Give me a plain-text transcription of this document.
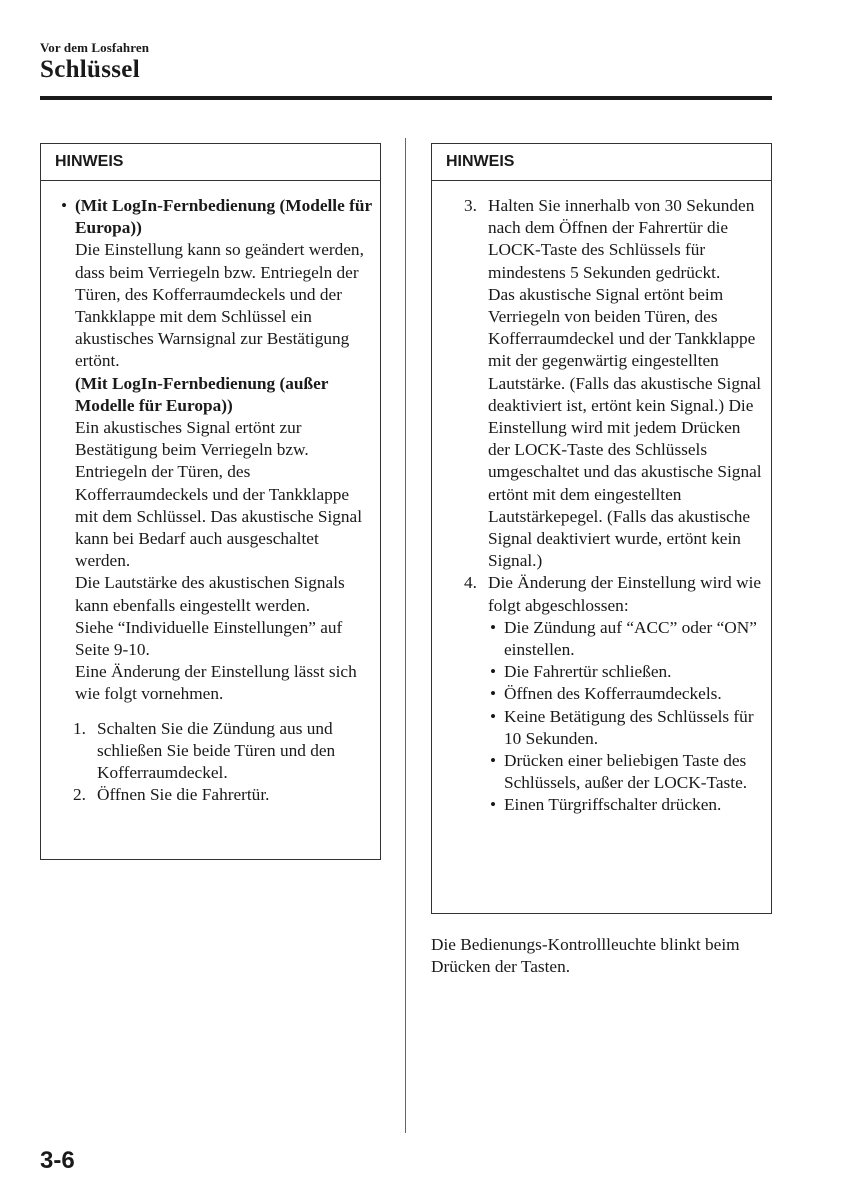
Vor dem Losfahren
Schlüssel
HINWEIS
• (Mit LogIn-Fernbedienung (Modelle für Europa))
Die Einstellung kann so geändert werden, dass beim Verriegeln bzw. Entriegeln der Türen, des Kofferraumdeckels und der Tankklappe mit dem Schlüssel ein akustisches Warnsignal zur Bestätigung ertönt.
(Mit LogIn-Fernbedienung (außer Modelle für Europa))
Ein akustisches Signal ertönt zur Bestätigung beim Verriegeln bzw. Entriegeln der Türen, des Kofferraumdeckels und der Tankklappe mit dem Schlüssel. Das akustische Signal kann bei Bedarf auch ausgeschaltet werden.
Die Lautstärke des akustischen Signals kann ebenfalls eingestellt werden.
Siehe “Individuelle Einstellungen” auf Seite 9-10.
Eine Änderung der Einstellung lässt sich wie folgt vornehmen.
1. Schalten Sie die Zündung aus und schließen Sie beide Türen und den Kofferraumdeckel.
2. Öffnen Sie die Fahrertür.
HINWEIS
3. Halten Sie innerhalb von 30 Sekunden nach dem Öffnen der Fahrertür die LOCK-Taste des Schlüssels für mindestens 5 Sekunden gedrückt.
Das akustische Signal ertönt beim Verriegeln von beiden Türen, des Kofferraumdeckel und der Tankklappe mit der gegenwärtig eingestellten Lautstärke. (Falls das akustische Signal deaktiviert ist, ertönt kein Signal.) Die Einstellung wird mit jedem Drücken der LOCK-Taste des Schlüssels umgeschaltet und das akustische Signal ertönt mit dem eingestellten Lautstärkepegel. (Falls das akustische Signal deaktiviert wurde, ertönt kein Signal.)
4. Die Änderung der Einstellung wird wie folgt abgeschlossen:
• Die Zündung auf “ACC” oder “ON” einstellen.
• Die Fahrertür schließen.
• Öffnen des Kofferraumdeckels.
• Keine Betätigung des Schlüssels für 10 Sekunden.
• Drücken einer beliebigen Taste des Schlüssels, außer der LOCK-Taste.
• Einen Türgriffschalter drücken.
Die Bedienungs-Kontrollleuchte blinkt beim Drücken der Tasten.
3-6
